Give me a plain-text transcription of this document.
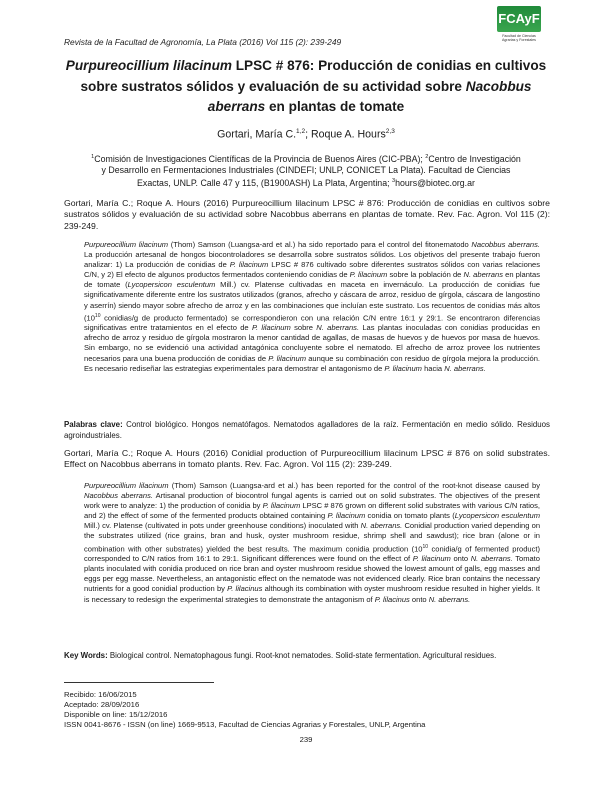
Revista de la Facultad de Agronomía, La Plata (2016) Vol 115 (2): 239-249
FCAyF
Facultad de Ciencias
Agrarias y Forestales
Purpureocillium lilacinum LPSC # 876: Producción de conidias en cultivos sobre sustratos sólidos y evaluación de su actividad sobre Nacobbus aberrans en plantas de tomate
Gortari, María C.$^{1,2}$; Roque A. Hours$^{2,3}$
$^1$Comisión de Investigaciones Científicas de la Provincia de Buenos Aires (CIC-PBA); $^2$Centro de Investigación y Desarrollo en Fermentaciones Industriales (CINDEFI; UNLP, CONICET La Plata). Facultad de Ciencias Exactas, UNLP. Calle 47 y 115, (B1900ASH) La Plata, Argentina; $^3$hours@biotec.org.ar
Gortari, María C.; Roque A. Hours (2016) Purpureocillium lilacinum LPSC # 876: Producción de conidias en cultivos sobre sustratos sólidos y evaluación de su actividad sobre Nacobbus aberrans en plantas de tomate. Rev. Fac. Agron. Vol 115 (2): 239-249.
Purpureocillium lilacinum (Thom) Samson (Luangsa-ard et al.) ha sido reportado para el control del fitonematodo Nacobbus aberrans. La producción artesanal de hongos biocontroladores se desarrolla sobre sustratos sólidos. Los objetivos del presente trabajo fueron analizar: 1) La producción de conidias de P. lilacinum LPSC # 876 cultivado sobre diferentes sustratos sólidos con varias relaciones C/N, y 2) El efecto de algunos productos fermentados conteniendo conidias de P. lilacinum sobre la población de N. aberrans en plantas de tomate (Lycopersicon esculentum Mill.) cv. Platense cultivadas en maceta en invernáculo. La producción de conidias fue significativamente diferente entre los sustratos utilizados (granos, afrecho y cáscara de arroz, residuo de gírgola, cáscara de langostino y aserrín) siendo mayor sobre afrecho de arroz y en las combinaciones que incluían este sustrato. Los recuentos de conidias más altos ($10^{10}$ conidias/g de producto fermentado) se correspondieron con una relación C/N entre 16:1 y 29:1. Se encontraron diferencias significativas entre tratamientos en el efecto de P. lilacinum sobre N. aberrans. Las plantas inoculadas con conidias producidas en afrecho de arroz y residuo de gírgola mostraron la menor cantidad de agallas, de masas de huevos y de huevos por masa de huevos. Sin embargo, no se evidenció una actividad antagónica concluyente sobre el nematodo. El afrecho de arroz provee los nutrientes necesarios para una buena producción de conidias de P. lilacinum aunque su combinación con residuo de gírgola mejora la producción. Es necesario rediseñar las estrategias experimentales para demostrar el antagonismo de P. lilacinum hacia N. aberrans.
Palabras clave: Control biológico. Hongos nematófagos. Nematodos agalladores de la raíz. Fermentación en medio sólido. Residuos agroindustriales.
Gortari, María C.; Roque A. Hours (2016) Conidial production of Purpureocillium lilacinum LPSC # 876 on solid substrates. Effect on Nacobbus aberrans in tomato plants. Rev. Fac. Agron. Vol 115 (2): 239-249.
Purpureocillium lilacinum (Thom) Samson (Luangsa-ard et al.) has been reported for the control of the root-knot disease caused by Nacobbus aberrans. Artisanal production of biocontrol fungal agents is carried out on solid substrates. The objectives of the present work were to analyze: 1) the production of conidia by P. lilacinum LPSC # 876 grown on different solid substrates with various C/N ratios, and 2) the effect of some of the fermented products obtained containing P. lilacinum conidia on tomato plants (Lycopersicon esculentum Mill.) cv. Platense (cultivated in pots under greenhouse conditions) inoculated with N. aberrans. Conidial production varied depending on the substrates utilized (rice grains, bran and husk, oyster mushroom residue, shrimp shell and sawdust); rice bran (alone or in combination with other substrates) yielded the best results. The maximum conidia production ($10^{10}$ conidia/g of fermented product) corresponded to C/N ratios from 16:1 to 29:1. Significant differences were found on the effect of P. lilacinum onto N. aberrans. Tomato plants inoculated with conidia produced on rice bran and oyster mushroom residue showed the lowest amount of galls, egg masses and eggs per egg masse. Nevertheless, an antagonistic effect on the nematode was not evidenced clearly. Rice bran contains the necessary nutrients for a good conidial production by P. lilacinus although its combination with oyster mushroom residue resulted in higher yields. It is necessary to redesign the experimental strategies to demonstrate the antagonism of P. lilacinus onto N. aberrans.
Key Words: Biological control. Nematophagous fungi. Root-knot nematodes. Solid-state fermentation. Agricultural residues.
Recibido: 16/06/2015
Aceptado: 28/09/2016
Disponible on line: 15/12/2016
ISSN 0041-8676 - ISSN (on line) 1669-9513, Facultad de Ciencias Agrarias y Forestales, UNLP, Argentina
239
